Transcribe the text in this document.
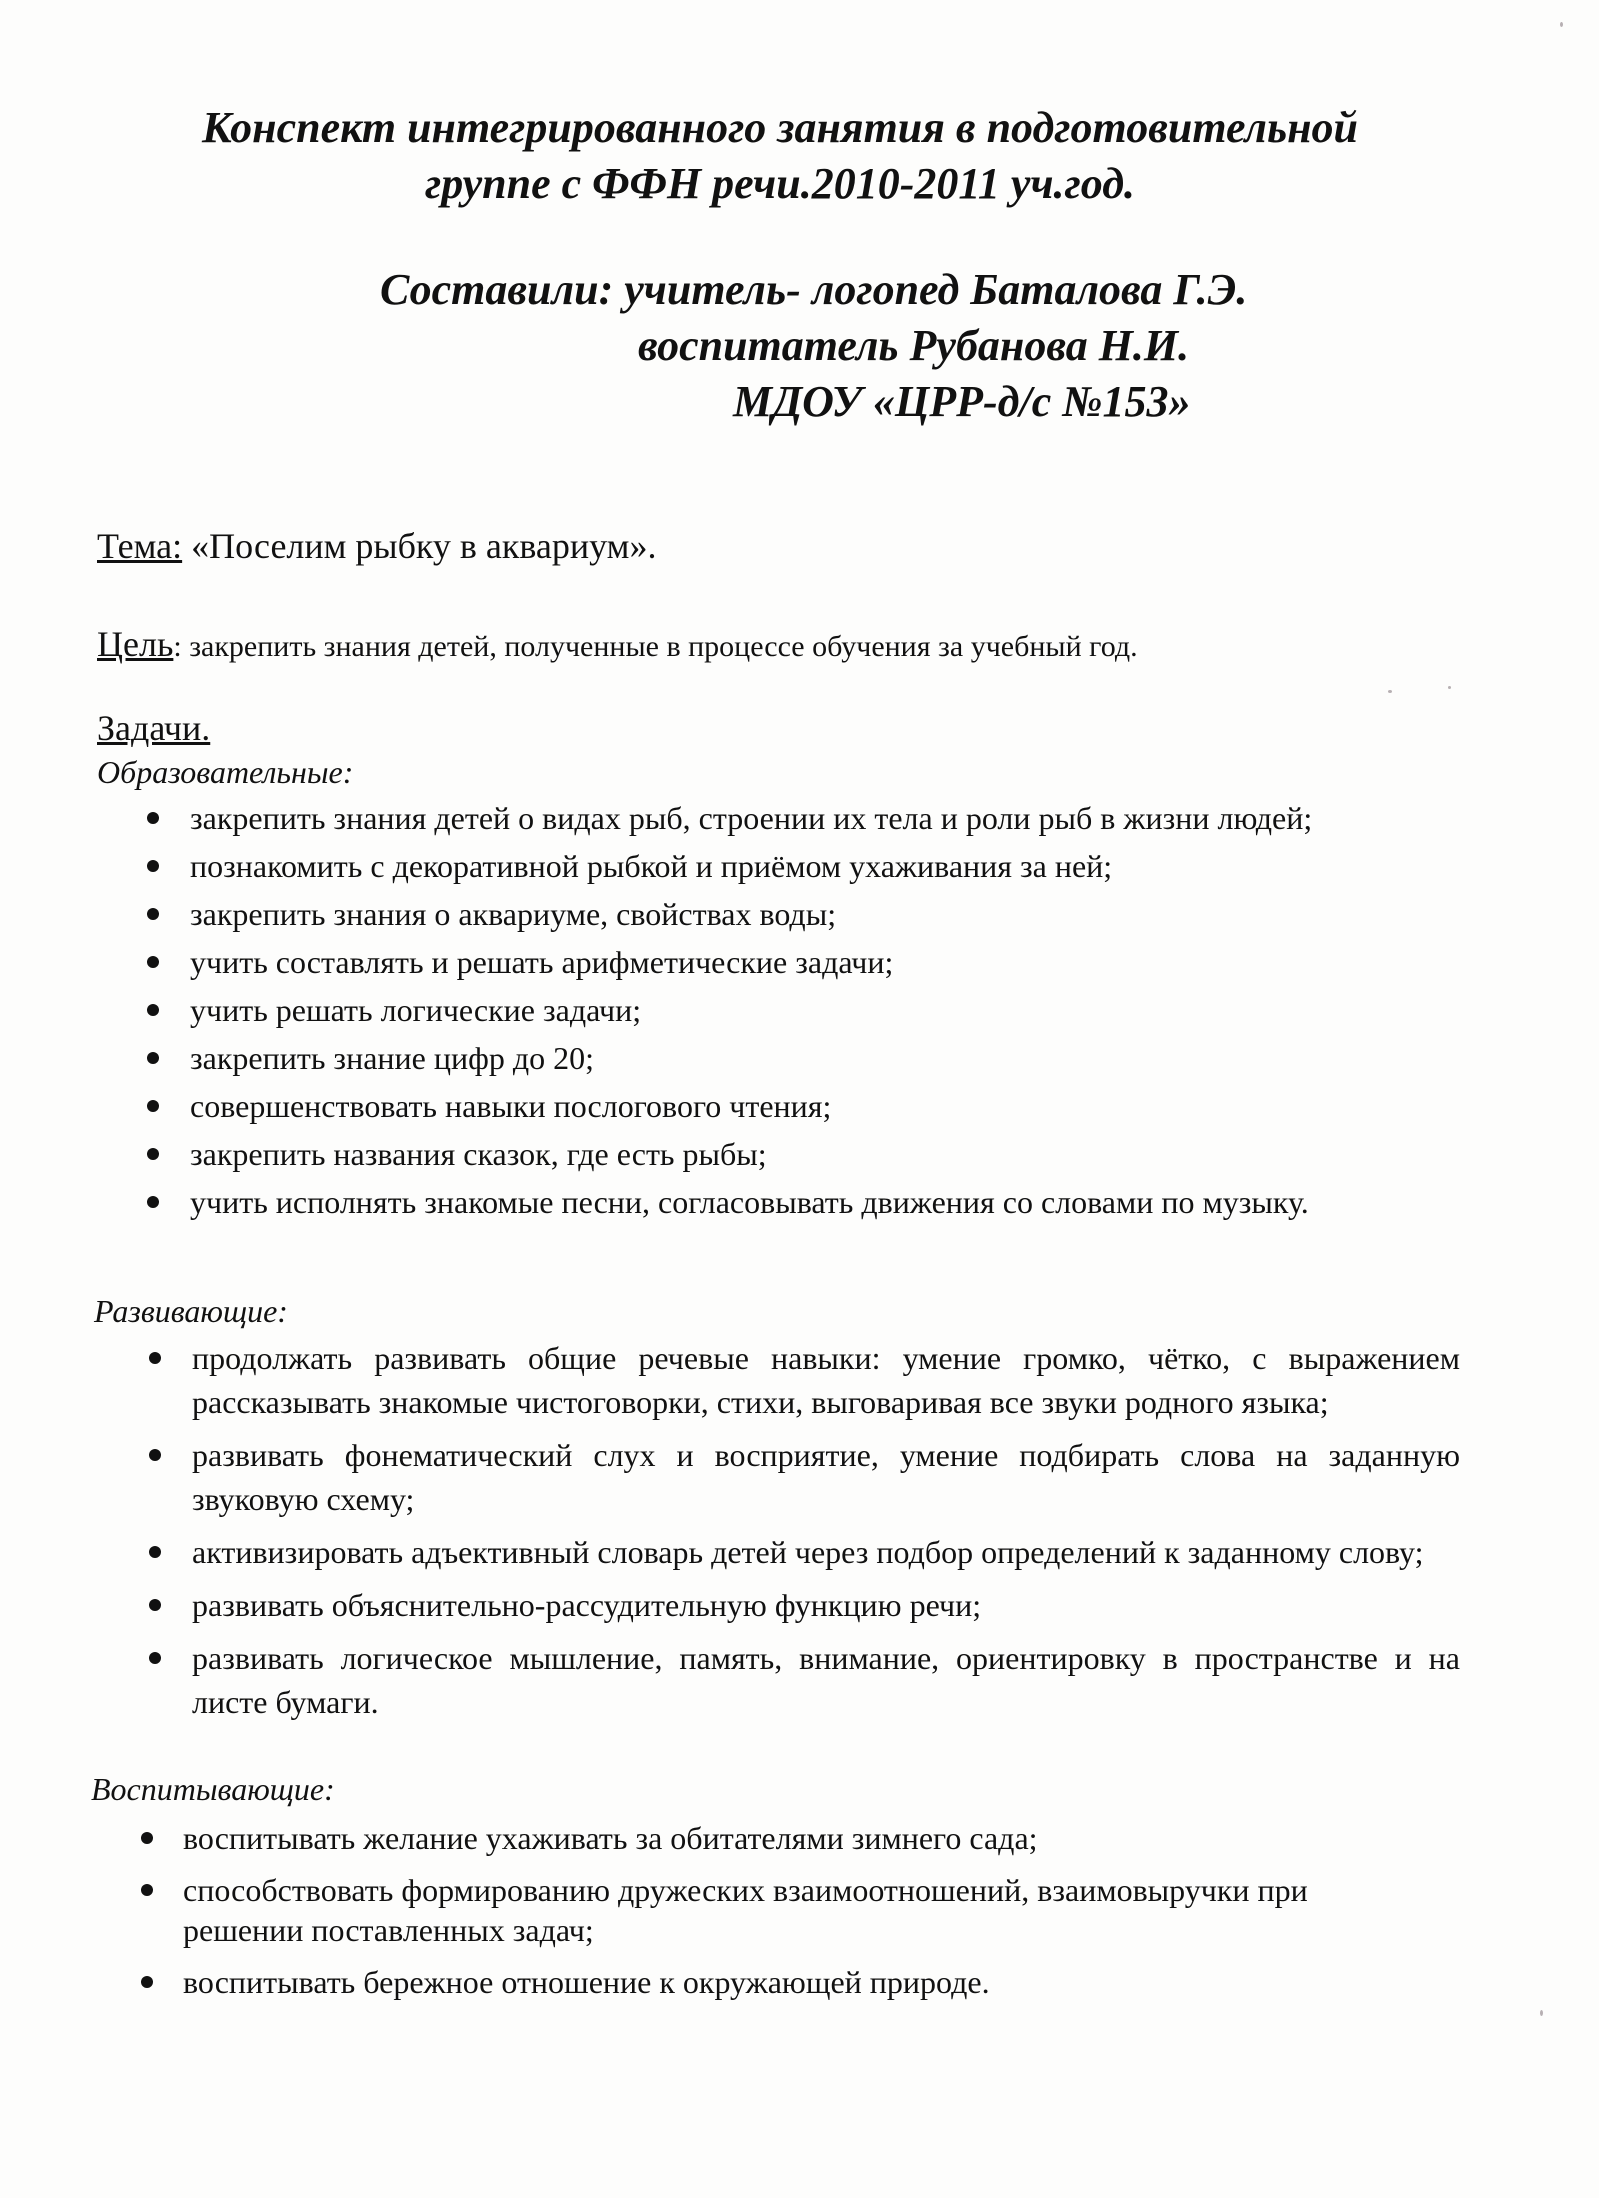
Конспект интегрированного занятия в подготовительной

группе с ФФН речи.2010-2011 уч.год.

Составили: учитель- логопед Баталова Г.Э.

воспитатель Рубанова Н.И.

МДОУ «ЦРР-д/с №153»

Тема: «Поселим рыбку в аквариум».
Цель: закрепить знания детей, полученные в процессе обучения за учебный год.
Задачи.

Образовательные:

закрепить знания детей о видах рыб, строении их тела и роли рыб в жизни людей;
познакомить с декоративной рыбкой и приёмом ухаживания за ней;
закрепить знания о аквариуме, свойствах воды;
учить составлять и решать арифметические задачи;
учить решать логические задачи;
закрепить знание цифр до 20;
совершенствовать навыки послогового чтения;
закрепить названия сказок, где есть рыбы;
учить исполнять знакомые песни, согласовывать движения со словами по музыку.

Развивающие:

продолжать развивать общие речевые навыки: умение громко, чётко, с выражением рассказывать знакомые чистоговорки, стихи, выговаривая все звуки родного языка;
развивать фонематический слух и восприятие, умение подбирать слова на заданную звуковую схему;
активизировать адъективный словарь детей через подбор определений к заданному слову;
развивать объяснительно-рассудительную функцию речи;
развивать логическое мышление, память, внимание, ориентировку в пространстве и на листе бумаги.

Воспитывающие:

воспитывать желание ухаживать за обитателями зимнего сада;
способствовать формированию дружеских взаимоотношений, взаимовыручки при решении поставленных задач;
воспитывать бережное отношение к окружающей природе.
